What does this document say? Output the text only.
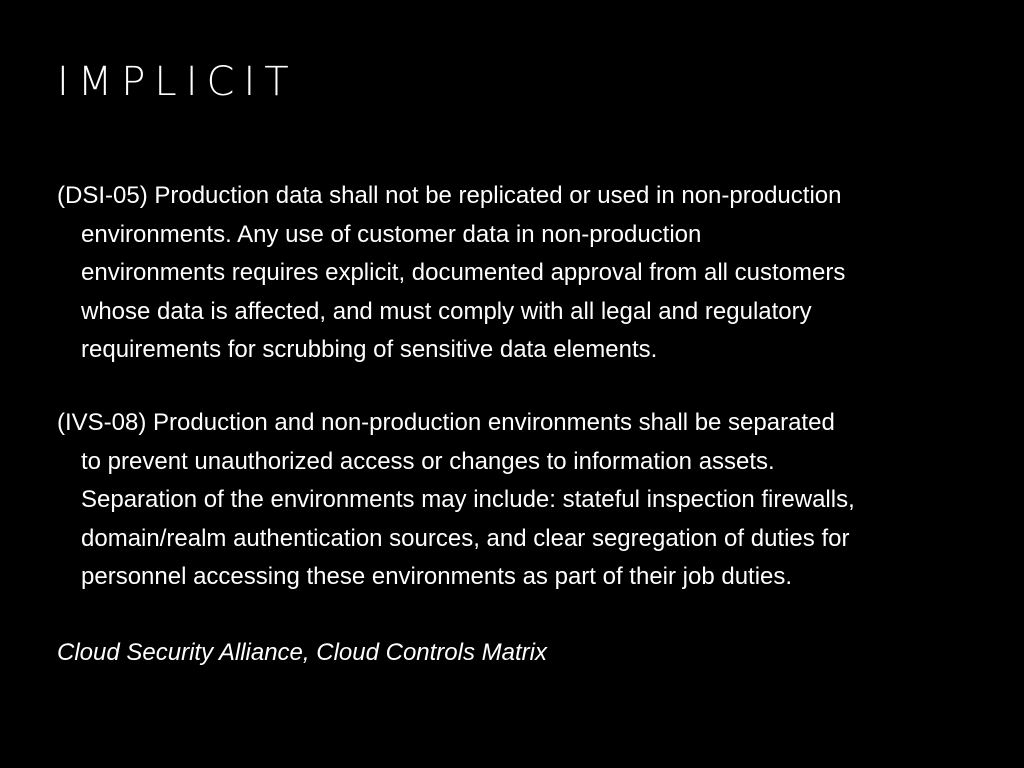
IMPLICIT

(DSI-05) Production data shall not be replicated or used in non-production
environments. Any use of customer data in non-production
environments requires explicit, documented approval from all customers
whose data is affected, and must comply with all legal and regulatory
requirements for scrubbing of sensitive data elements.

(IVS-08) Production and non-production environments shall be separated
to prevent unauthorized access or changes to information assets.
Separation of the environments may include: stateful inspection firewalls,
domain/realm authentication sources, and clear segregation of duties for
personnel accessing these environments as part of their job duties.

Cloud Security Alliance, Cloud Controls Matrix
